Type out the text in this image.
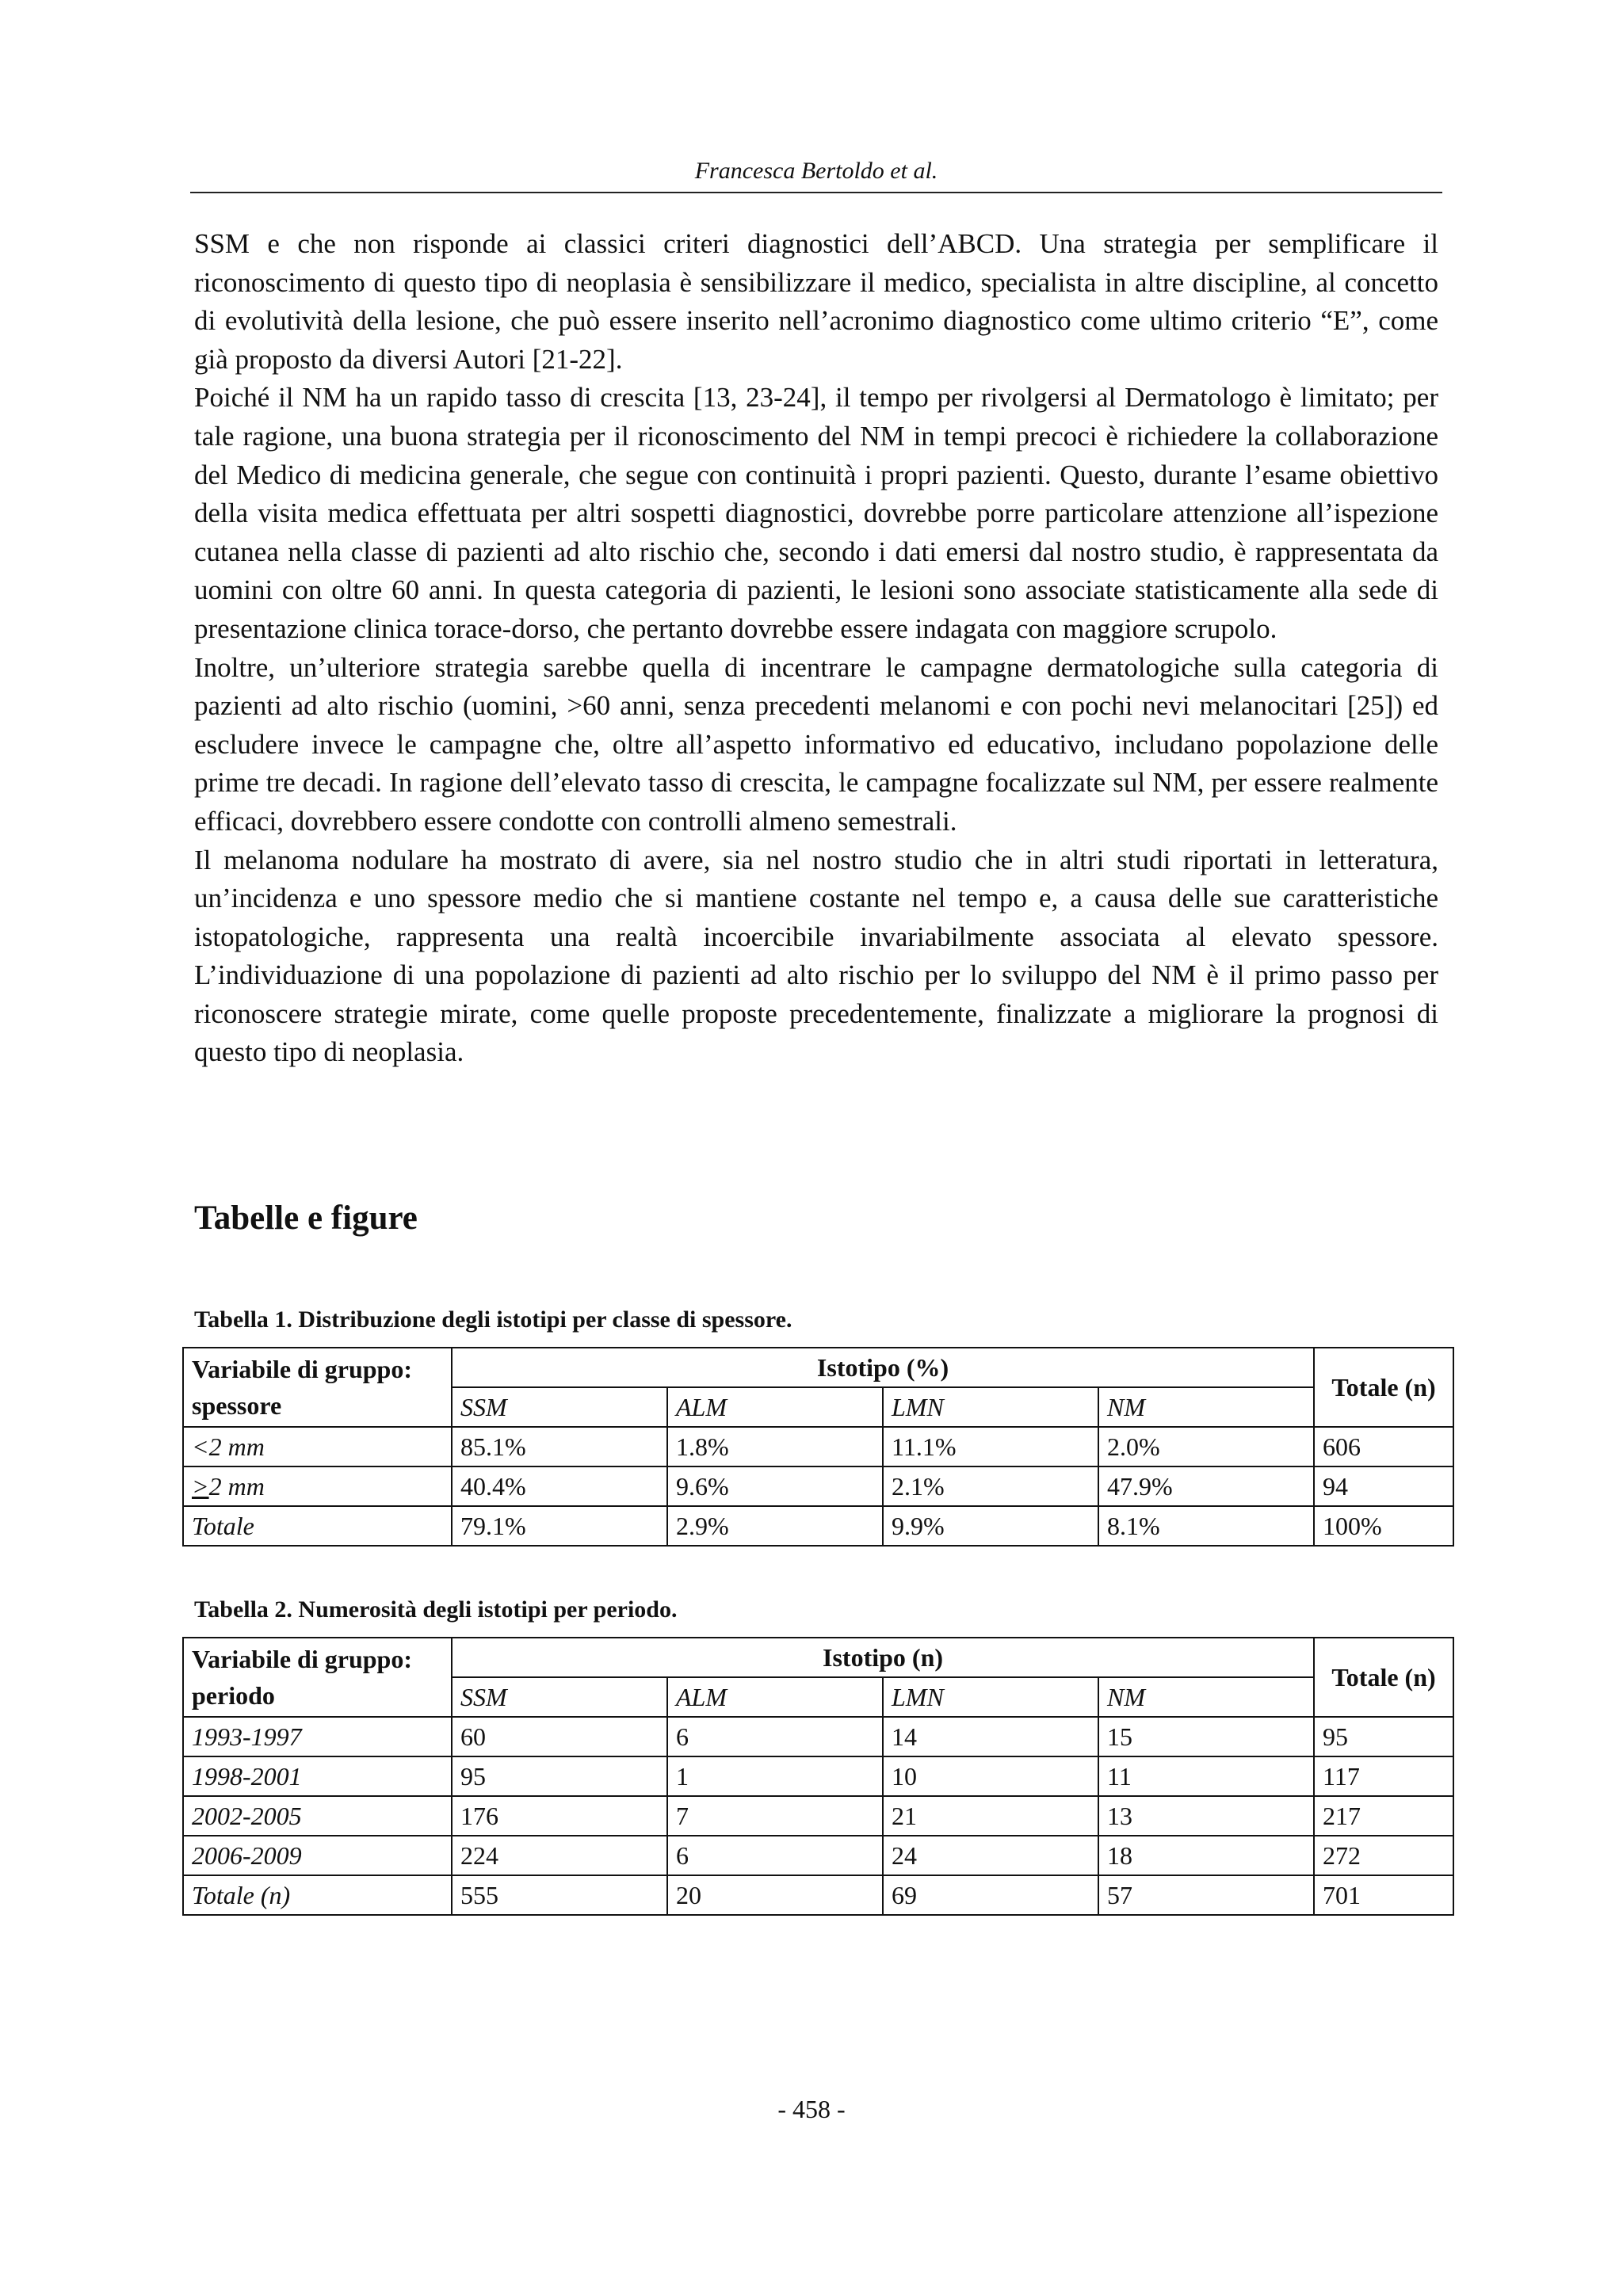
Francesca Bertoldo et al.

SSM e che non risponde ai classici criteri diagnostici dell’ABCD. Una strategia per semplificare il riconoscimento di questo tipo di neoplasia è sensibilizzare il medico, specialista in altre discipline, al concetto di evolutività della lesione, che può essere inserito nell’acronimo diagnostico come ultimo criterio “E”, come già proposto da diversi Autori [21-22].

Poiché il NM ha un rapido tasso di crescita [13, 23-24], il tempo per rivolgersi al Dermatologo è limitato; per tale ragione, una buona strategia per il riconoscimento del NM in tempi precoci è richiedere la collaborazione del Medico di medicina generale, che segue con continuità i propri pazienti. Questo, durante l’esame obiettivo della visita medica effettuata per altri sospetti diagnostici, dovrebbe porre particolare attenzione all’ispezione cutanea nella classe di pazienti ad alto rischio che, secondo i dati emersi dal nostro studio, è rappresentata da uomini con oltre 60 anni. In questa categoria di pazienti, le lesioni sono associate statisticamente alla sede di presentazione clinica torace-dorso, che pertanto dovrebbe essere indagata con maggiore scrupolo.

Inoltre, un’ulteriore strategia sarebbe quella di incentrare le campagne dermatologiche sulla categoria di pazienti ad alto rischio (uomini, >60 anni, senza precedenti melanomi e con pochi nevi melanocitari [25]) ed escludere invece le campagne che, oltre all’aspetto informativo ed educativo, includano popolazione delle prime tre decadi. In ragione dell’elevato tasso di crescita, le campagne focalizzate sul NM, per essere realmente efficaci, dovrebbero essere condotte con controlli almeno semestrali.

Il melanoma nodulare ha mostrato di avere, sia nel nostro studio che in altri studi riportati in letteratura, un’incidenza e uno spessore medio che si mantiene costante nel tempo e, a causa delle sue caratteristiche istopatologiche, rappresenta una realtà incoercibile invariabilmente associata al elevato spessore. L’individuazione di una popolazione di pazienti ad alto rischio per lo sviluppo del NM è il primo passo per riconoscere strategie mirate, come quelle proposte precedentemente, finalizzate a migliorare la prognosi di questo tipo di neoplasia.

Tabelle e figure
Tabella 1. Distribuzione degli istotipi per classe di spessore.
Variabile di gruppo:
spessore	Istotipo (%)				Totale (n)
	SSM	ALM	LMN	NM	
<2 mm	85.1%	1.8%	11.1%	2.0%	606
>2 mm	40.4%	9.6%	2.1%	47.9%	94
Totale	79.1%	2.9%	9.9%	8.1%	100%
Tabella 2. Numerosità degli istotipi per periodo.
Variabile di gruppo:
periodo	Istotipo (n)				Totale (n)
	SSM	ALM	LMN	NM	
1993-1997	60	6	14	15	95
1998-2001	95	1	10	11	117
2002-2005	176	7	21	13	217
2006-2009	224	6	24	18	272
Totale (n)	555	20	69	57	701
- 458 -
